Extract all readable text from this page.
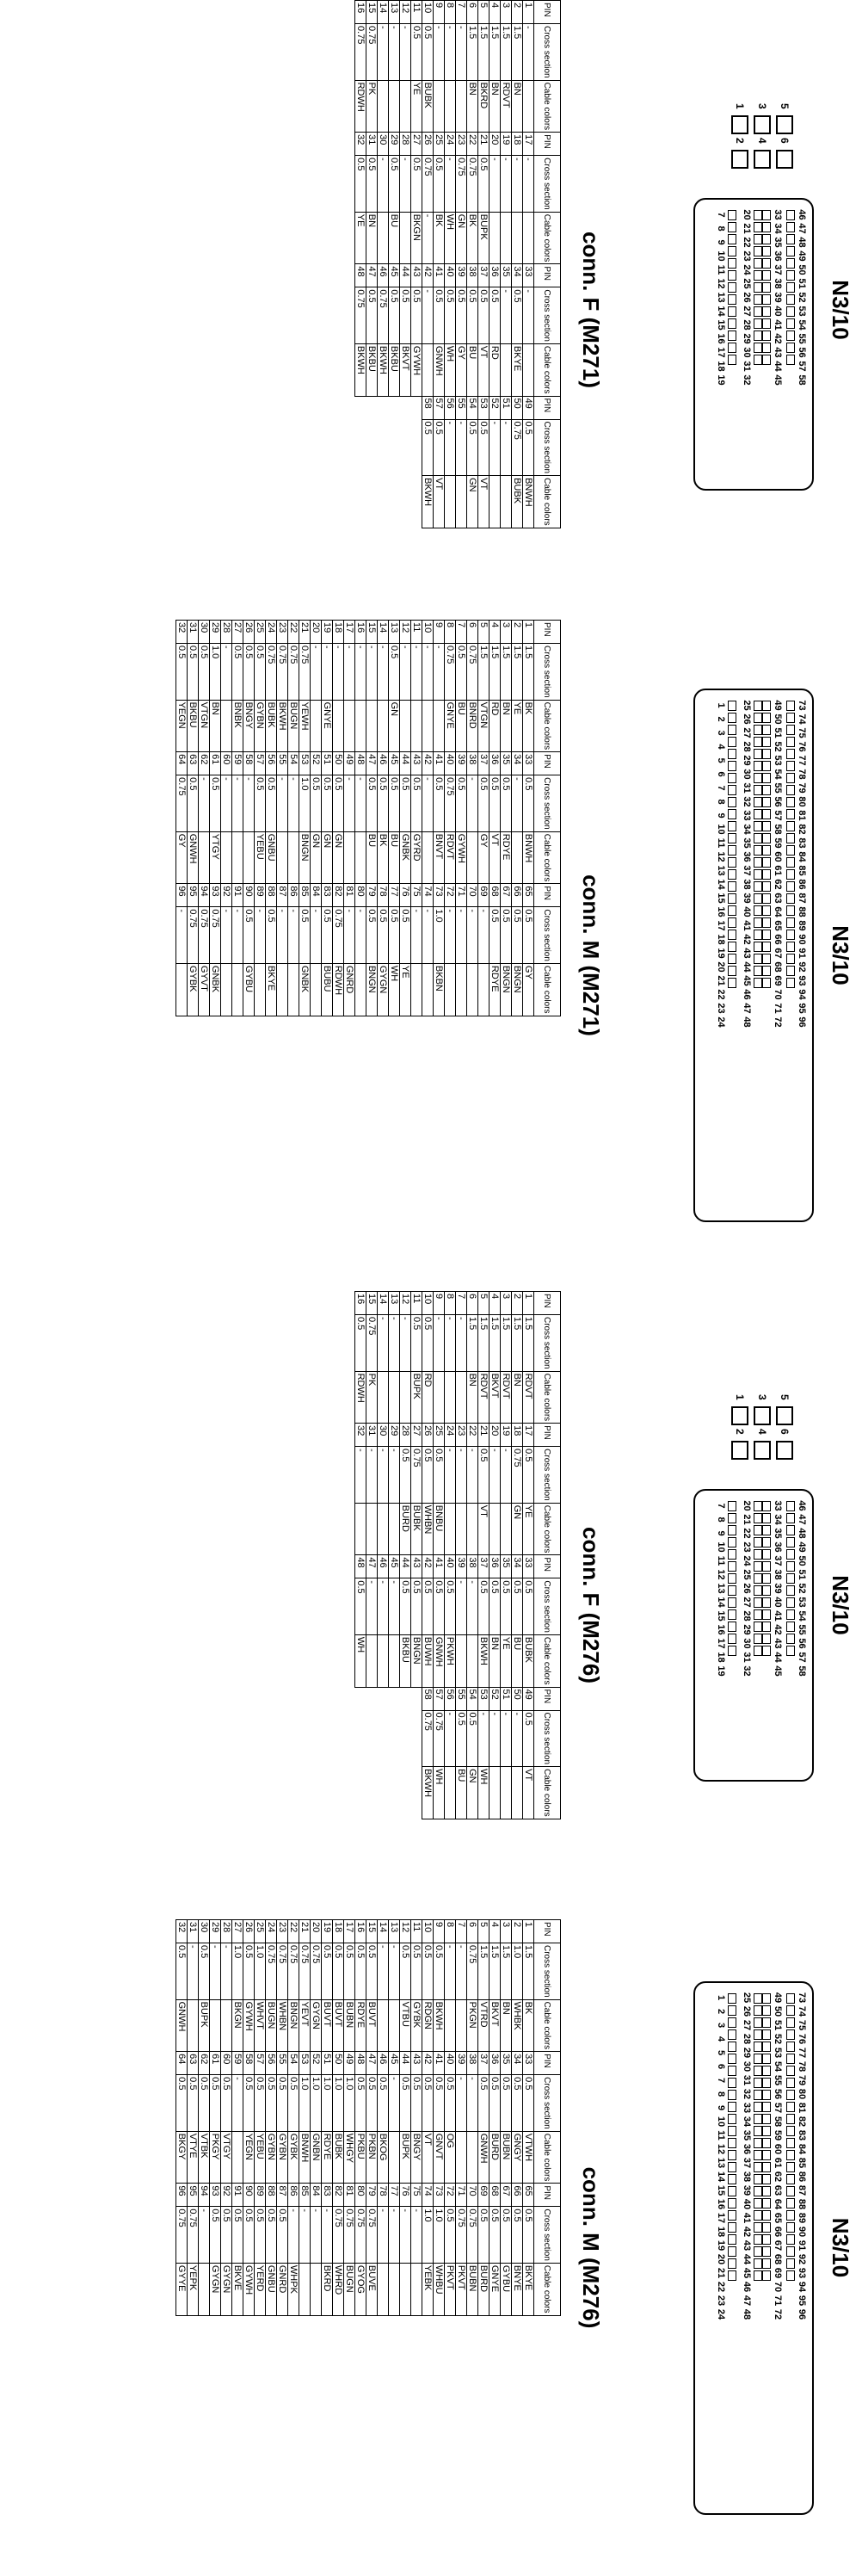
N3/10
46
47
48
49
50
51
52
53
54
55
56
57
58
33
34
35
36
37
38
39
40
41
42
43
44
45
20
21
22
23
24
25
26
27
28
29
30
31
32
7
8
9
10
11
12
13
14
15
16
17
18
19
5
6
3
4
1
2
conn. F (M271)
PIN	Cross section	Cable colors	PIN	Cross section	Cable colors	PIN	Cross section	Cable colors	PIN	Cross section	Cable colors
1	-		17	-		33	-		49	0.5	BNWH
2	1.5	BN	18	-		34	0.5	BKYE	50	0.75	BUBK
3	1.5	RDVT	19	-		35	-		51	-	
4	1.5	BN	20	-		36	0.5	RD	52	-	
5	1.5	BKRD	21	0.5	BUPK	37	0.5	VT	53	0.5	VT
6	1.5	BN	22	0.75	BK	38	0.5	BU	54	0.5	GN
7	-		23	0.75	GN	39	0.5	GY	55	-	
8	-		24	-	WH	40	0.5	WH	56	-	
9	-		25	0.5	BK	41	0.5	GNWH	57	0.5	VT
10	0.5	BUBK	26	0.75	-	42	-		58	0.5	BKWH
11	0.5	YE	27	0.5	BKGN	43	0.5	GYWH			
12	-		28	-		44	0.5	BKVT			
13	-		29	0.5	BU	45	0.5	BKBU			
14	-		30	-		46	0.75	BKWH			
15	0.75	PK	31	0.5	BN	47	0.5	BKBU			
16	0.75	RDWH	32	0.5	YE	48	0.75	BKWH			
N3/10
73
74
75
76
77
78
79
80
81
82
83
84
85
86
87
88
89
90
91
92
93
94
95
96
49
50
51
52
53
54
55
56
57
58
59
60
61
62
63
64
65
66
67
68
69
70
71
72
25
26
27
28
29
30
31
32
33
34
35
36
37
38
39
40
41
42
43
44
45
46
47
48
1
2
3
4
5
6
7
8
9
10
11
12
13
14
15
16
17
18
19
20
21
22
23
24
conn. M (M271)
PIN	Cross section	Cable colors	PIN	Cross section	Cable colors	PIN	Cross section	Cable colors
1	1.5	BK	33	0.5	BNWH	65	0.5	GY
2	1.5	YE	34	-		66	0.5	BNGN
3	1.5	BN	35	0.5	RDYE	67	0.5	BNGN
4	1.5	RD	36	0.5	VT	68	0.5	RDYE
5	1.5	VTGN	37	0.5	GY	69	-	
6	0.75	BNRD	38	-		70	-	
7	0.5	BU	39	0.5	GYWH	71	-	
8	0.75	GNYE	40	0.75	RDVT	72	-	
9	-		41	0.5	BNVT	73	1.0	BKBN
10	-		42	-		74	-	
11	-		43	0.5	GYRD	75	-	
12	-		44	0.5	GNBK	76	0.5	YE
13	0.5	GN	45	0.5	BU	77	0.5	WH
14	-		46	0.5	BK	78	0.5	GYGN
15	-		47	0.5	BU	79	0.5	BNGN
16	-		48	-		80	-	
17	-		49	-		81	-	GNRD
18	-		50	0.5	GN	82	0.75	RDWH
19	-	GNYE	51	0.5	GN	83	0.5	BUBU
20	-		52	0.5	GN	84	-	
21	0.75	YEWH	53	1.0	BNGN	85	0.5	GNBK
22	0.75	BUGN	54	-		86	-	
23	0.75	BKWH	55	-		87	-	
24	0.75	BUBK	56	0.5	GNBU	88	0.5	BKYE
25	0.5	GYBN	57	0.5	YEBU	89	-	
26	0.5	BNGY	58	-		90	0.5	GYBU
27	0.5	BNBK	59	-		91	-	
28	-		60	-		92	-	
29	1.0	BN	61	0.5	YTGY	93	0.75	GNBK
30	0.5	VTGN	62	-		94	0.75	GYVT
31	0.5	BKBU	63	0.5	GNWH	95	0.75	GYBK
32	0.5	YEGN	64	0.75	GY	96	-	
N3/10
46
47
48
49
50
51
52
53
54
55
56
57
58
33
34
35
36
37
38
39
40
41
42
43
44
45
20
21
22
23
24
25
26
27
28
29
30
31
32
7
8
9
10
11
12
13
14
15
16
17
18
19
5
6
3
4
1
2
conn. F (M276)
PIN	Cross section	Cable colors	PIN	Cross section	Cable colors	PIN	Cross section	Cable colors	PIN	Cross section	Cable colors
1	1.5	RDVT	17	0.5	YE	33	0.5	BUBK	49	0.5	VT
2	1.5	BN	18	0.75	GN	34	0.5	BU	50	-	
3	1.5	RDVT	19	-		35	0.5	YE	51	-	
4	1.5	BKVT	20	-		36	0.5	BN	52	-	
5	1.5	RDVT	21	0.5	VT	37	0.5	BKWH	53	-	WH
6	1.5	BN	22	-		38	-		54	0.5	GN
7	-		23	-		39	-		55	0.5	BU
8	-		24	-		40	0.5	PKWH	56	-	
9	-		25	0.5	BNBU	41	0.5	GNWH	57	0.75	WH
10	0.5	RD	26	0.5	WHBN	42	0.5	BUWH	58	0.75	BKWH
11	0.5	BUPK	27	0.75	BUBK	43	0.5	BNGN			
12	-		28	0.5	BURD	44	0.5	BKBU			
13	-		29	-		45	-				
14	-		30	-		46	-				
15	0.75	PK	31	-		47	-				
16	0.5	RDWH	32	-		48	0.5	WH			
N3/10
73
74
75
76
77
78
79
80
81
82
83
84
85
86
87
88
89
90
91
92
93
94
95
96
49
50
51
52
53
54
55
56
57
58
59
60
61
62
63
64
65
66
67
68
69
70
71
72
25
26
27
28
29
30
31
32
33
34
35
36
37
38
39
40
41
42
43
44
45
46
47
48
1
2
3
4
5
6
7
8
9
10
11
12
13
14
15
16
17
18
19
20
21
22
23
24
conn. M (M276)
PIN	Cross section	Cable colors	PIN	Cross section	Cable colors	PIN	Cross section	Cable colors
1	1.5	BK	33	0.5	VTWH	65	0.5	BKYE
2	1.0	WHBK	34	0.5	GNGY	66	0.5	BNYE
3	1.5	BN	35	0.5	BUBN	67	0.5	GYBU
4	1.5	BKVT	36	0.5	BURD	68	0.5	GNYE
5	1.5	VTRD	37	0.5	GNWH	69	0.5	BURD
6	0.75	PKGN	38	-		70	0.75	BUBN
7	-		39	-		71	0.75	PKVT
8	-		40	0.5	OG	72	0.5	PKVT
9	0.5	BKWH	41	0.5	GNVT	73	1.0	WHBU
10	0.5	RDGN	42	0.5	VT	74	1.0	YEBK
11	0.5	GYBK	43	0.5	BNGY	75	-	
12	0.5	VTBU	44	0.5	BUPK	76	-	
13	-		45	-		77	-	
14	-		46	0.5	BKOG	78	-	
15	0.5	BUVT	47	0.5	PKBN	79	0.75	BUVE
16	0.5	RDYE	48	0.5	PKBU	80	0.75	GYOG
17	0.5	BUBN	49	1.0	WHGY	81	0.75	BUGN
18	0.5	BUVT	50	1.0	BUBK	82	0.75	WHRD
19	0.5	BUVT	51	1.0	RDYE	83	-	BKRD
20	0.75	GYGN	52	1.0	GNBN	84	-	
21	0.75	YEVT	53	1.0	BNWH	85	-	
22	0.75	BNGN	54	0.5	GYBK	86	-	WHPK
23	0.75	WHBN	55	0.5	GYBN	87	0.5	GNRD
24	0.75	BUGN	56	0.5	GYBN	88	0.5	GNBU
25	1.0	WHVT	57	0.5	YEBU	89	0.5	YERD
26	0.5	GYWH	58	0.5	YEGN	90	0.5	GYWH
27	1.0	BKGN	59	-		91	0.5	BKVE
28	-		60	0.5	VTGY	92	0.5	GYGN
29	-		61	0.5	PKGY	93	0.5	GYGN
30	0.5	BUPK	62	0.5	VTBK	94	-	
31	-		63	0.5	VTYE	95	0.75	YEPK
32	0.5	GNWH	64	0.5	BKGY	96	0.75	GYYE
